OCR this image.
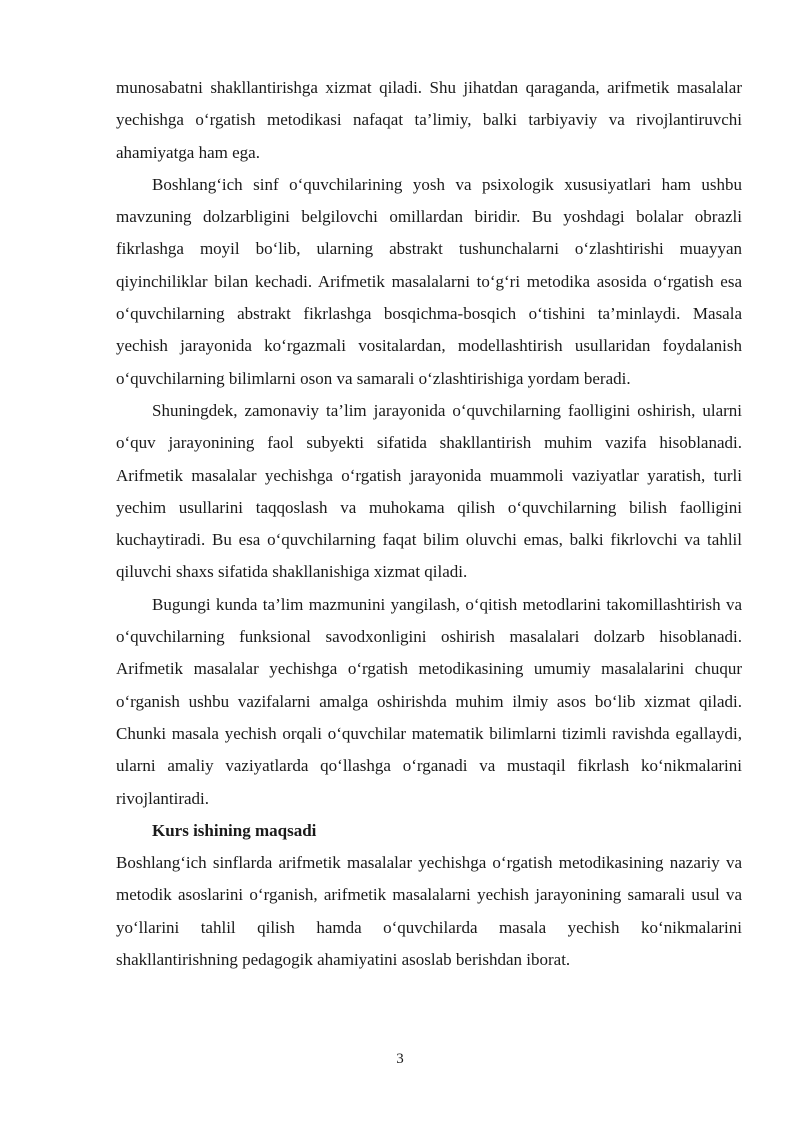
munosabatni shakllantirishga xizmat qiladi. Shu jihatdan qaraganda, arifmetik masalalar yechishga o‘rgatish metodikasi nafaqat ta’limiy, balki tarbiyaviy va rivojlantiruvchi ahamiyatga ham ega.

Boshlang‘ich sinf o‘quvchilarining yosh va psixologik xususiyatlari ham ushbu mavzuning dolzarbligini belgilovchi omillardan biridir. Bu yoshdagi bolalar obrazli fikrlashga moyil bo‘lib, ularning abstrakt tushunchalarni o‘zlashtirishi muayyan qiyinchiliklar bilan kechadi. Arifmetik masalalarni to‘g‘ri metodika asosida o‘rgatish esa o‘quvchilarning abstrakt fikrlashga bosqichma-bosqich o‘tishini ta’minlaydi. Masala yechish jarayonida ko‘rgazmali vositalardan, modellashtirish usullaridan foydalanish o‘quvchilarning bilimlarni oson va samarali o‘zlashtirishiga yordam beradi.

Shuningdek, zamonaviy ta’lim jarayonida o‘quvchilarning faolligini oshirish, ularni o‘quv jarayonining faol subyekti sifatida shakllantirish muhim vazifa hisoblanadi. Arifmetik masalalar yechishga o‘rgatish jarayonida muammoli vaziyatlar yaratish, turli yechim usullarini taqqoslash va muhokama qilish o‘quvchilarning bilish faolligini kuchaytiradi. Bu esa o‘quvchilarning faqat bilim oluvchi emas, balki fikrlovchi va tahlil qiluvchi shaxs sifatida shakllanishiga xizmat qiladi.

Bugungi kunda ta’lim mazmunini yangilash, o‘qitish metodlarini takomillashtirish va o‘quvchilarning funksional savodxonligini oshirish masalalari dolzarb hisoblanadi. Arifmetik masalalar yechishga o‘rgatish metodikasining umumiy masalalarini chuqur o‘rganish ushbu vazifalarni amalga oshirishda muhim ilmiy asos bo‘lib xizmat qiladi. Chunki masala yechish orqali o‘quvchilar matematik bilimlarni tizimli ravishda egallaydi, ularni amaliy vaziyatlarda qo‘llashga o‘rganadi va mustaqil fikrlash ko‘nikmalarini rivojlantiradi.

Kurs ishining maqsadi

Boshlang‘ich sinflarda arifmetik masalalar yechishga o‘rgatish metodikasining nazariy va metodik asoslarini o‘rganish, arifmetik masalalarni yechish jarayonining samarali usul va yo‘llarini tahlil qilish hamda o‘quvchilarda masala yechish ko‘nikmalarini shakllantirishning pedagogik ahamiyatini asoslab berishdan iborat.

3
